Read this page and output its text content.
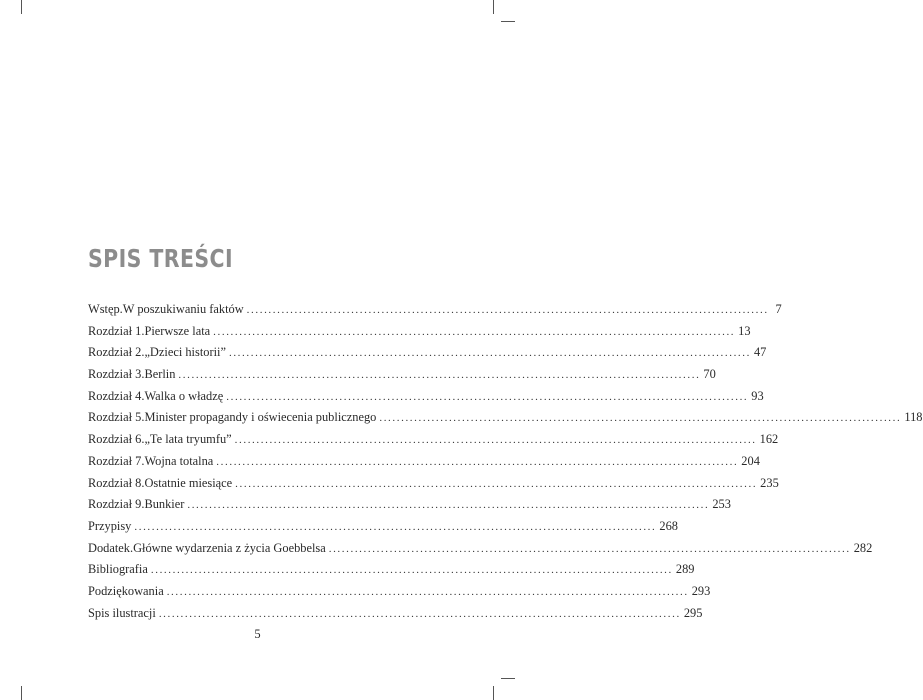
SPIS TREŚCI
Wstęp. W poszukiwaniu faktów ........................................................................................................................ 7
Rozdział 1. Pierwsze lata ........................................................................................................................ 13
Rozdział 2. „Dzieci historii” ........................................................................................................................ 47
Rozdział 3. Berlin ........................................................................................................................ 70
Rozdział 4. Walka o władzę ........................................................................................................................ 93
Rozdział 5. Minister propagandy i oświecenia publicznego ........................................................................................................................ 118
Rozdział 6. „Te lata tryumfu” ........................................................................................................................ 162
Rozdział 7. Wojna totalna ........................................................................................................................ 204
Rozdział 8. Ostatnie miesiące ........................................................................................................................ 235
Rozdział 9. Bunkier ........................................................................................................................ 253
Przypisy ........................................................................................................................ 268
Dodatek. Główne wydarzenia z życia Goebbelsa ........................................................................................................................ 282
Bibliografia ........................................................................................................................ 289
Podziękowania ........................................................................................................................ 293
Spis ilustracji ........................................................................................................................ 295
5
